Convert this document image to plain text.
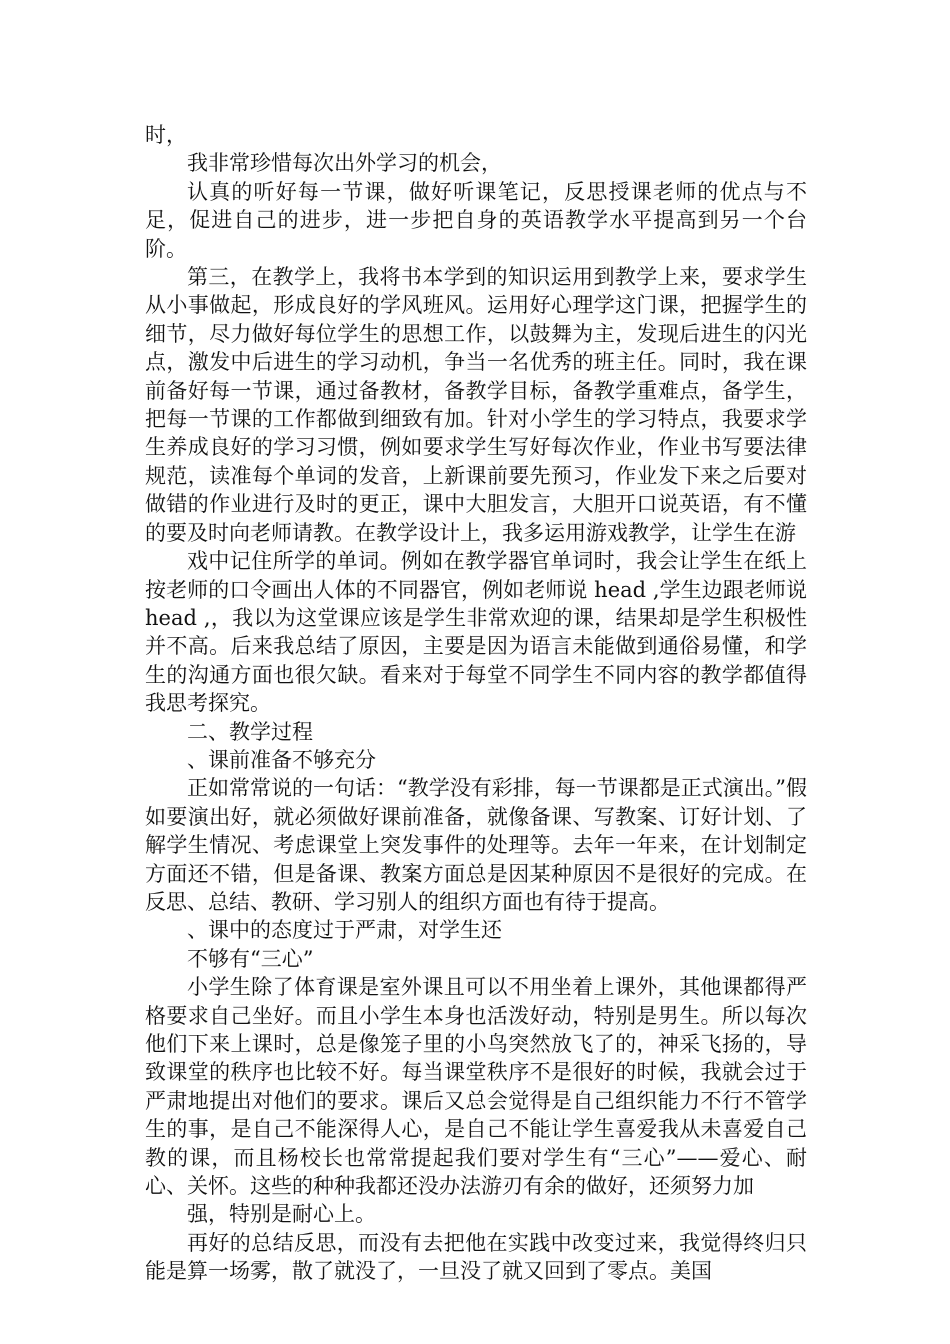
时，

我非常珍惜每次出外学习的机会，

认真的听好每一节课，做好听课笔记，反思授课老师的优点与不足，促进自己的进步，进一步把自身的英语教学水平提高到另一个台阶。

第三，在教学上，我将书本学到的知识运用到教学上来，要求学生从小事做起，形成良好的学风班风。运用好心理学这门课，把握学生的细节，尽力做好每位学生的思想工作，以鼓舞为主，发现后进生的闪光点，激发中后进生的学习动机，争当一名优秀的班主任。同时，我在课前备好每一节课，通过备教材，备教学目标，备教学重难点，备学生，把每一节课的工作都做到细致有加。针对小学生的学习特点，我要求学生养成良好的学习习惯，例如要求学生写好每次作业，作业书写要法律规范，读准每个单词的发音，上新课前要先预习，作业发下来之后要对做错的作业进行及时的更正，课中大胆发言，大胆开口说英语，有不懂的要及时向老师请教。在教学设计上，我多运用游戏教学，让学生在游

戏中记住所学的单词。例如在教学器官单词时，我会让学生在纸上按老师的口令画出人体的不同器官，例如老师说 head ,学生边跟老师说 head ,，我以为这堂课应该是学生非常欢迎的课，结果却是学生积极性并不高。后来我总结了原因，主要是因为语言未能做到通俗易懂，和学生的沟通方面也很欠缺。看来对于每堂不同学生不同内容的教学都值得我思考探究。

二、教学过程

、课前准备不够充分

正如常常说的一句话：“教学没有彩排，每一节课都是正式演出。”假如要演出好，就必须做好课前准备，就像备课、写教案、订好计划、了解学生情况、考虑课堂上突发事件的处理等。去年一年来，在计划制定方面还不错，但是备课、教案方面总是因某种原因不是很好的完成。在反思、总结、教研、学习别人的组织方面也有待于提高。

、课中的态度过于严肃，对学生还

不够有“三心”

小学生除了体育课是室外课且可以不用坐着上课外，其他课都得严格要求自己坐好。而且小学生本身也活泼好动，特别是男生。所以每次他们下来上课时，总是像笼子里的小鸟突然放飞了的，神采飞扬的，导致课堂的秩序也比较不好。每当课堂秩序不是很好的时候，我就会过于严肃地提出对他们的要求。课后又总会觉得是自己组织能力不行不管学生的事，是自己不能深得人心，是自己不能让学生喜爱我从未喜爱自己教的课，而且杨校长也常常提起我们要对学生有“三心”——爱心、耐心、关怀。这些的种种我都还没办法游刃有余的做好，还须努力加

强，特别是耐心上。

再好的总结反思，而没有去把他在实践中改变过来，我觉得终归只能是算一场雾，散了就没了，一旦没了就又回到了零点。美国
